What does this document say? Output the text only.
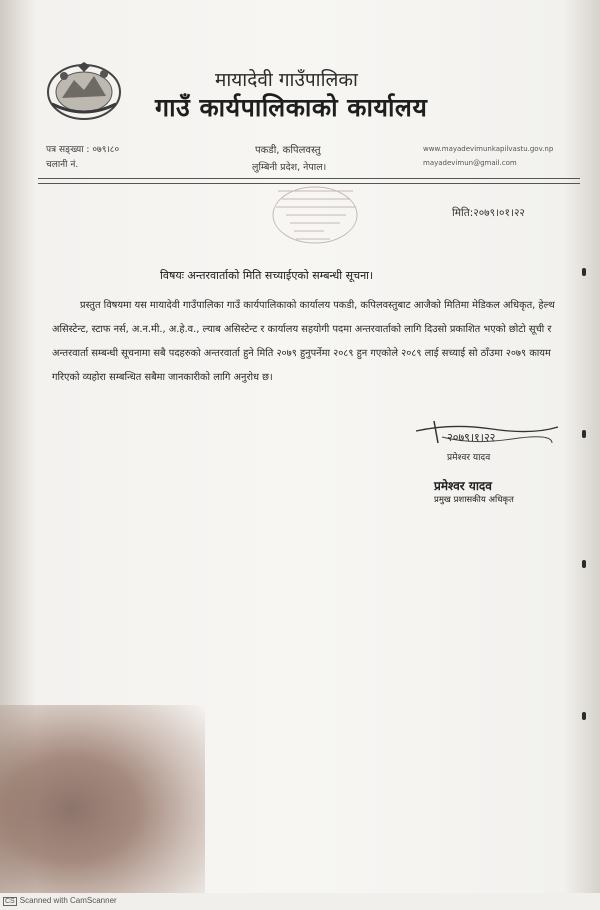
मायादेवी गाउँपालिका
गाउँ कार्यपालिकाको कार्यालय
पत्र सङ्ख्या : ०७९।८०
चलानी नं.
पकडी, कपिलवस्तु
लुम्बिनी प्रदेश, नेपाल।
www.mayadevimunkapilvastu.gov.np
mayadevimun@gmail.com
मिति:२०७९।०१।२२
विषयः अन्तरवार्ताको मिति सच्याईएको सम्बन्धी सूचना।
प्रस्तुत विषयमा यस मायादेवी गाउँपालिका गाउँ कार्यपालिकाको कार्यालय पकडी, कपिलवस्तुबाट आजैको मितिमा मेडिकल अधिकृत, हेल्थ असिस्टेन्ट, स्टाफ नर्स, अ.न.मी., अ.हे.व., ल्याब असिस्टेन्ट र कार्यालय सहयोगी पदमा अन्तरवार्ताको लागि दिउसो प्रकाशित भएको छोटो सूची र अन्तरवार्ता सम्बन्धी सूचनामा सबै पदहरुको अन्तरवार्ता हुने मिति २०७९ हुनुपर्नेमा २०८९ हुन गएकोले २०८९ लाई सच्याई सो ठाँउमा २०७९ कायम गरिएको व्यहोरा सम्बन्धित सबैमा जानकारीको लागि अनुरोध छ।
२०७९।१।२२
प्रमेश्वर यादव
प्रमेश्वर यादव
प्रमुख प्रशासकीय अधिकृत
CS Scanned with CamScanner
